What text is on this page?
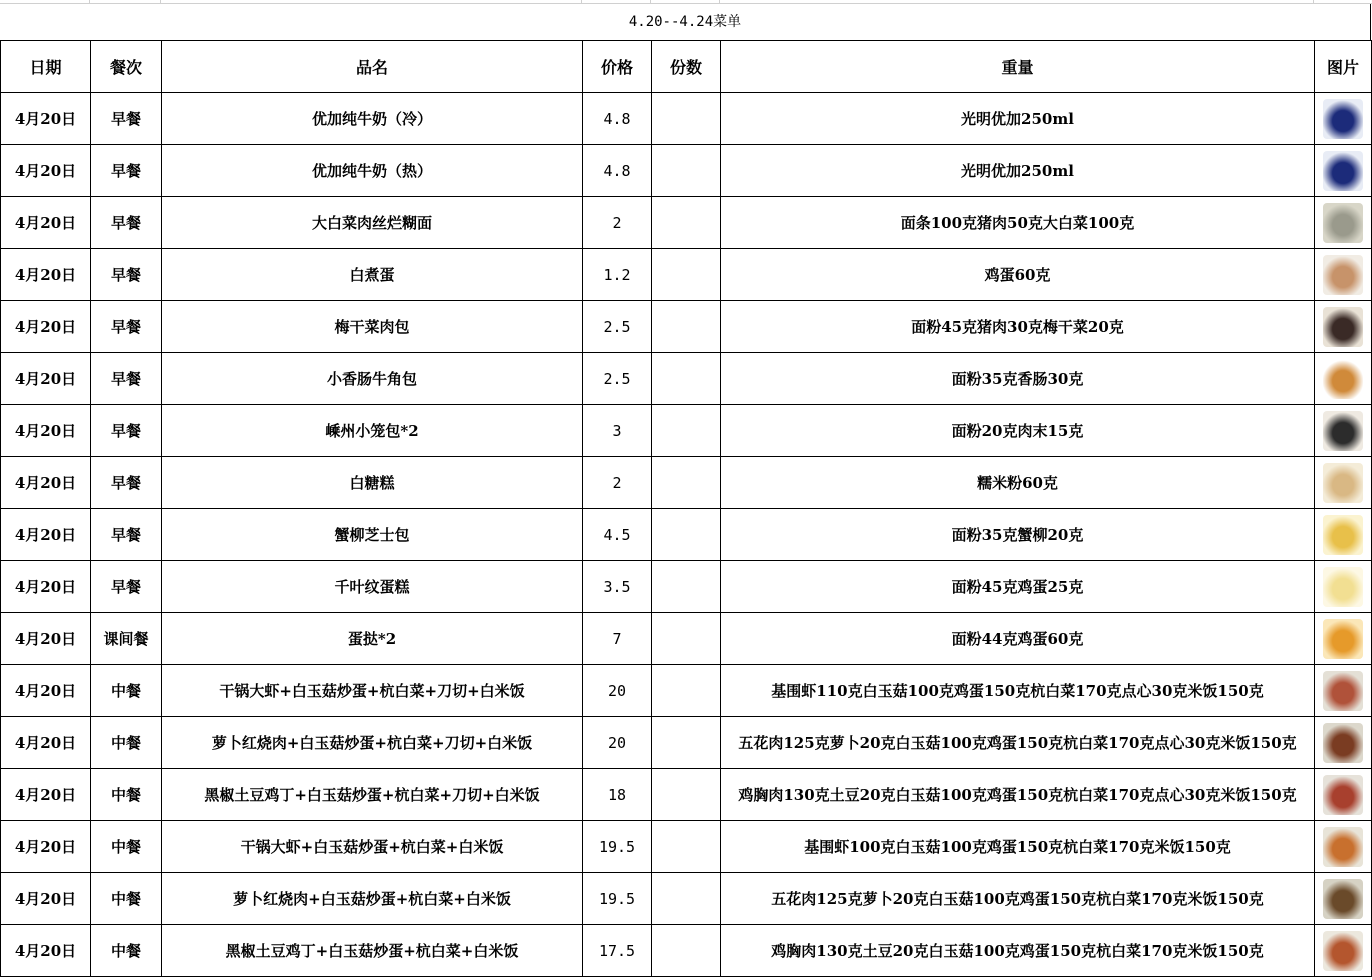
4.20--4.24菜单
日期	餐次	品名	价格	份数	重量	图片
4月20日	早餐	优加纯牛奶（冷）	4.8		光明优加250ml	
4月20日	早餐	优加纯牛奶（热）	4.8		光明优加250ml	
4月20日	早餐	大白菜肉丝烂糊面	2		面条100克猪肉50克大白菜100克	
4月20日	早餐	白煮蛋	1.2		鸡蛋60克	
4月20日	早餐	梅干菜肉包	2.5		面粉45克猪肉30克梅干菜20克	
4月20日	早餐	小香肠牛角包	2.5		面粉35克香肠30克	
4月20日	早餐	嵊州小笼包*2	3		面粉20克肉末15克	
4月20日	早餐	白糖糕	2		糯米粉60克	
4月20日	早餐	蟹柳芝士包	4.5		面粉35克蟹柳20克	
4月20日	早餐	千叶纹蛋糕	3.5		面粉45克鸡蛋25克	
4月20日	课间餐	蛋挞*2	7		面粉44克鸡蛋60克	
4月20日	中餐	干锅大虾+白玉菇炒蛋+杭白菜+刀切+白米饭	20		基围虾110克白玉菇100克鸡蛋150克杭白菜170克点心30克米饭150克	
4月20日	中餐	萝卜红烧肉+白玉菇炒蛋+杭白菜+刀切+白米饭	20		五花肉125克萝卜20克白玉菇100克鸡蛋150克杭白菜170克点心30克米饭150克	
4月20日	中餐	黑椒土豆鸡丁+白玉菇炒蛋+杭白菜+刀切+白米饭	18		鸡胸肉130克土豆20克白玉菇100克鸡蛋150克杭白菜170克点心30克米饭150克	
4月20日	中餐	干锅大虾+白玉菇炒蛋+杭白菜+白米饭	19.5		基围虾100克白玉菇100克鸡蛋150克杭白菜170克米饭150克	
4月20日	中餐	萝卜红烧肉+白玉菇炒蛋+杭白菜+白米饭	19.5		五花肉125克萝卜20克白玉菇100克鸡蛋150克杭白菜170克米饭150克	
4月20日	中餐	黑椒土豆鸡丁+白玉菇炒蛋+杭白菜+白米饭	17.5		鸡胸肉130克土豆20克白玉菇100克鸡蛋150克杭白菜170克米饭150克	
